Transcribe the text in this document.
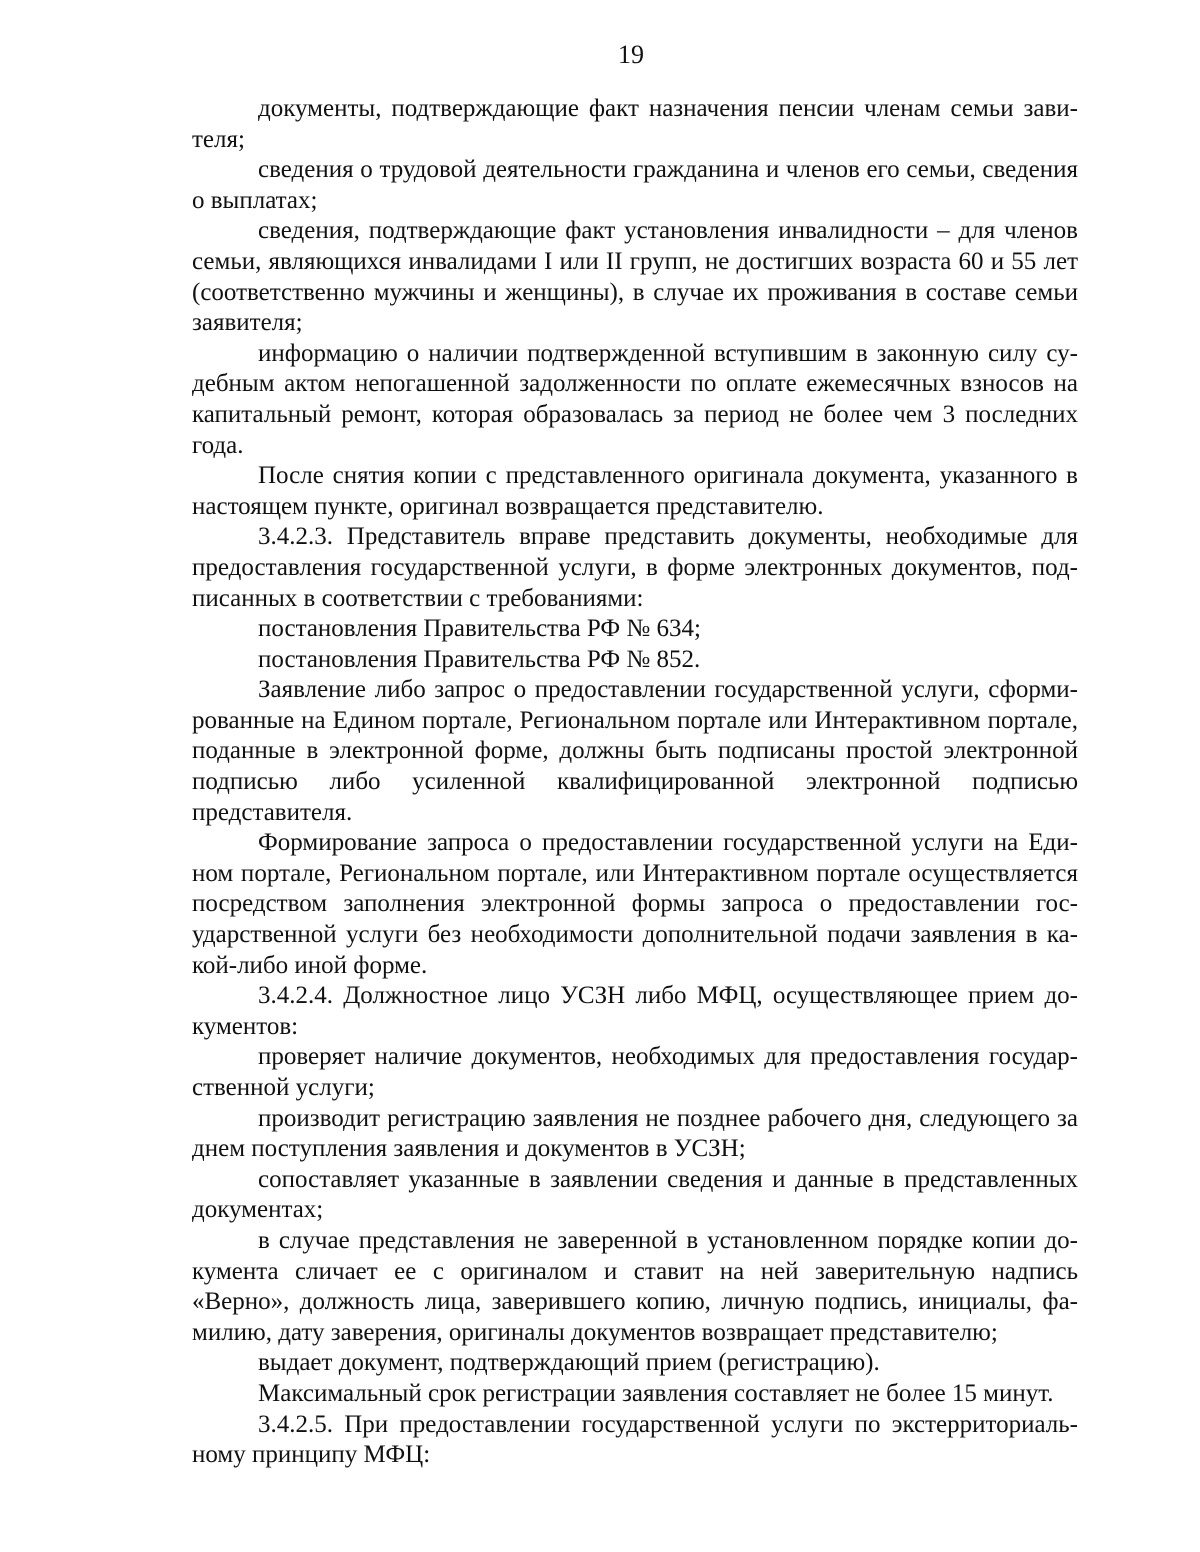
19

документы, подтверждающие факт назначения пенсии членам семьи завителя;

сведения о трудовой деятельности гражданина и членов его семьи, сведения о выплатах;

сведения, подтверждающие факт установления инвалидности – для членов семьи, являющихся инвалидами I или II групп, не достигших возраста 60 и 55 лет (соответственно мужчины и женщины), в случае их проживания в составе семьи заявителя;

информацию о наличии подтвержденной вступившим в законную силу судебным актом непогашенной задолженности по оплате ежемесячных взносов на капитальный ремонт, которая образовалась за период не более чем 3 последних года.

После снятия копии с представленного оригинала документа, указанного в настоящем пункте, оригинал возвращается представителю.

3.4.2.3. Представитель вправе представить документы, необходимые для предоставления государственной услуги, в форме электронных документов, подписанных в соответствии с требованиями:

постановления Правительства РФ № 634;

постановления Правительства РФ № 852.

Заявление либо запрос о предоставлении государственной услуги, сформированные на Едином портале, Региональном портале или Интерактивном портале, поданные в электронной форме, должны быть подписаны простой электронной подписью либо усиленной квалифицированной электронной подписью представителя.

Формирование запроса о предоставлении государственной услуги на Едином портале, Региональном портале, или Интерактивном портале осуществляется посредством заполнения электронной формы запроса о предоставлении государственной услуги без необходимости дополнительной подачи заявления в какой-либо иной форме.

3.4.2.4. Должностное лицо УСЗН либо МФЦ, осуществляющее прием документов:

проверяет наличие документов, необходимых для предоставления государственной услуги;

производит регистрацию заявления не позднее рабочего дня, следующего за днем поступления заявления и документов в УСЗН;

сопоставляет указанные в заявлении сведения и данные в представленных документах;

в случае представления не заверенной в установленном порядке копии документа сличает ее с оригиналом и ставит на ней заверительную надпись «Верно», должность лица, заверившего копию, личную подпись, инициалы, фамилию, дату заверения, оригиналы документов возвращает представителю;

выдает документ, подтверждающий прием (регистрацию).

Максимальный срок регистрации заявления составляет не более 15 минут.

3.4.2.5. При предоставлении государственной услуги по экстерриториальному принципу МФЦ:
